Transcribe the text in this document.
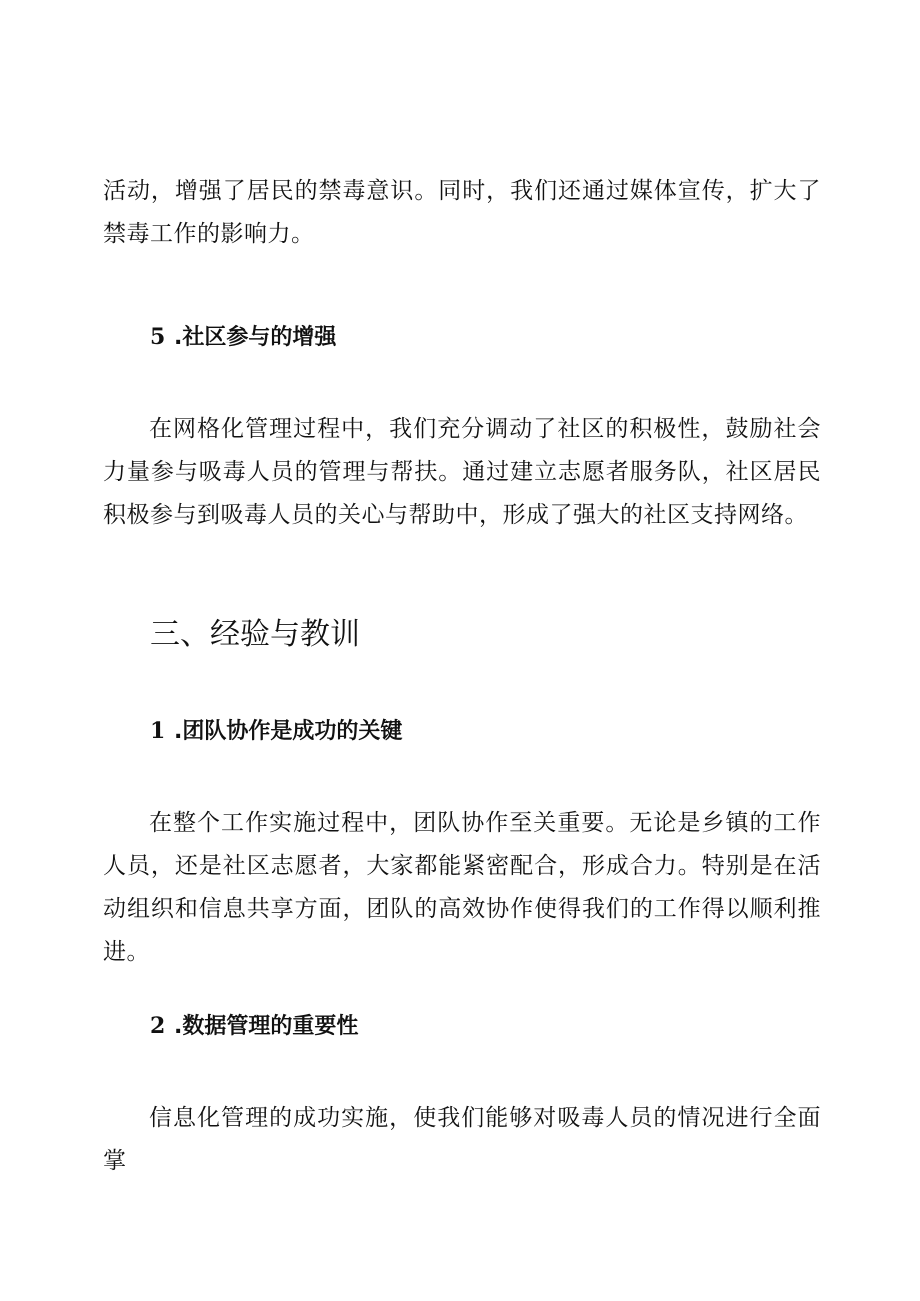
活动，增强了居民的禁毒意识。同时，我们还通过媒体宣传，扩大了禁毒工作的影响力。

5 .社区参与的增强

在网格化管理过程中，我们充分调动了社区的积极性，鼓励社会力量参与吸毒人员的管理与帮扶。通过建立志愿者服务队，社区居民积极参与到吸毒人员的关心与帮助中，形成了强大的社区支持网络。

三、经验与教训
1 .团队协作是成功的关键

在整个工作实施过程中，团队协作至关重要。无论是乡镇的工作人员，还是社区志愿者，大家都能紧密配合，形成合力。特别是在活动组织和信息共享方面，团队的高效协作使得我们的工作得以顺利推进。

2 .数据管理的重要性

信息化管理的成功实施，使我们能够对吸毒人员的情况进行全面掌
